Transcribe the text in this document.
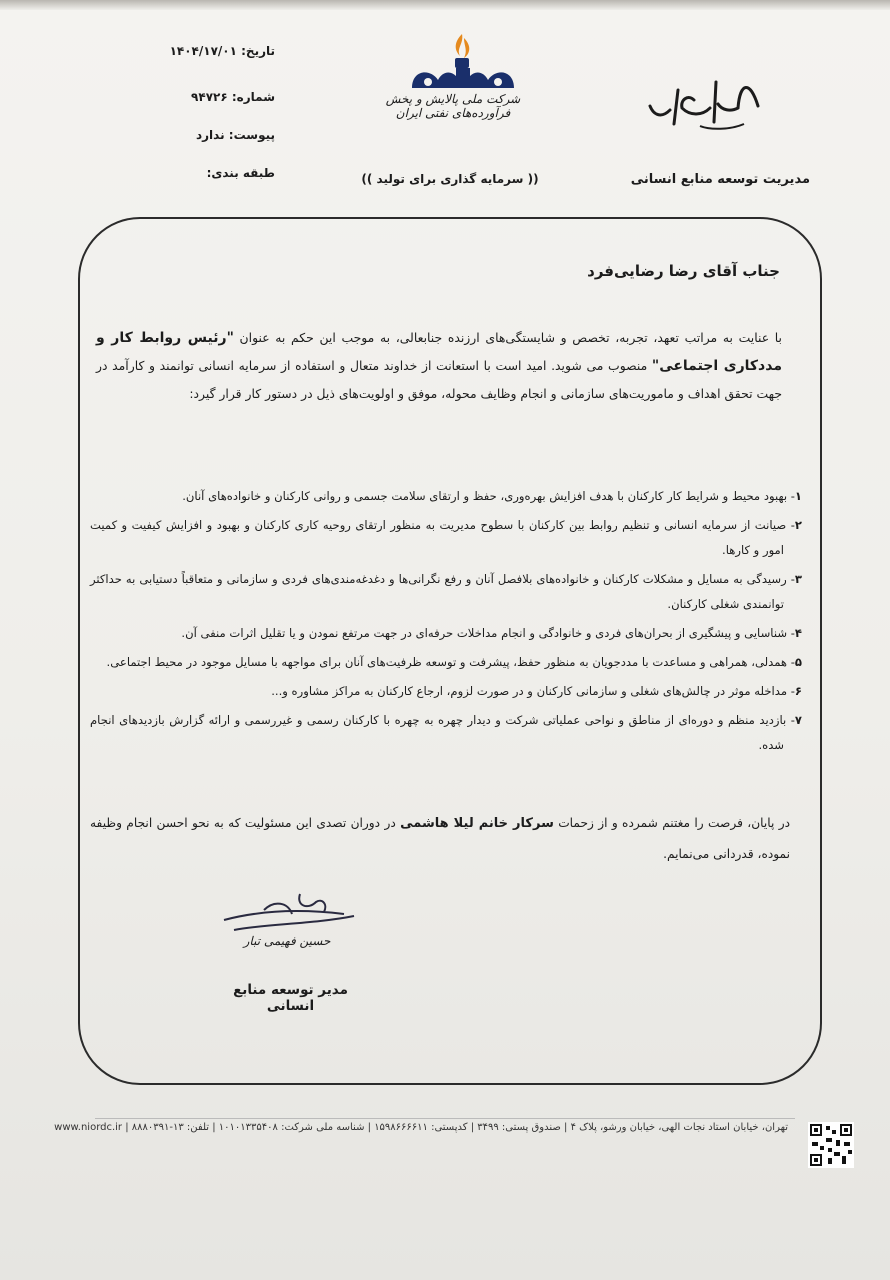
شرکت ملی پالایش و پخش فرآورده‌های نفتی ایران
(( سرمایه گذاری برای تولید ))	مدیریت توسعه منابع انسانی
تاریخ: ۱۴۰۴/۱۷/۰۱
شماره: ۹۴۷۲۶
پیوست: ندارد
طبقه بندی:
جناب آقای رضا رضایی‌فرد
با عنایت به مراتب تعهد، تجربه، تخصص و شایستگی‌های ارزنده جنابعالی، به موجب این حکم به عنوان "رئیس روابط کار و مددکاری اجتماعی" منصوب می شوید. امید است با استعانت از خداوند متعال و استفاده از سرمایه انسانی توانمند و کارآمد در جهت تحقق اهداف و ماموریت‌های سازمانی و انجام وظایف محوله، موفق و اولویت‌های ذیل در دستور کار قرار گیرد:
۱- بهبود محیط و شرایط کار کارکنان با هدف افزایش بهره‌وری، حفظ و ارتقای سلامت جسمی و روانی کارکنان و خانواده‌های آنان.
۲- صیانت از سرمایه انسانی و تنظیم روابط بین کارکنان با سطوح مدیریت به منظور ارتقای روحیه کاری کارکنان و بهبود و افزایش کیفیت و کمیت امور و کارها.
۳- رسیدگی به مسایل و مشکلات کارکنان و خانواده‌های بلافصل آنان و رفع نگرانی‌ها و دغدغه‌مندی‌های فردی و سازمانی و متعاقباً دستیابی به حداکثر توانمندی شغلی کارکنان.
۴- شناسایی و پیشگیری از بحران‌های فردی و خانوادگی و انجام مداخلات حرفه‌ای در جهت مرتفع نمودن و یا تقلیل اثرات منفی آن.
۵- همدلی، همراهی و مساعدت با مددجویان به منظور حفظ، پیشرفت و توسعه ظرفیت‌های آنان برای مواجهه با مسایل موجود در محیط اجتماعی.
۶- مداخله موثر در چالش‌های شغلی و سازمانی کارکنان و در صورت لزوم، ارجاع کارکنان به مراکز مشاوره و...
۷- بازدید منظم و دوره‌ای از مناطق و نواحی عملیاتی شرکت و دیدار چهره به چهره با کارکنان رسمی و غیررسمی و ارائه گزارش بازدیدهای انجام شده.
در پایان، فرصت را مغتنم شمرده و از زحمات سرکار خانم لیلا هاشمی در دوران تصدی این مسئولیت که به نحو احسن انجام وظیفه نموده، قدردانی می‌نمایم.
حسین فهیمی تبار
مدیر توسعه منابع انسانی
تهران، خیابان استاد نجات الهی، خیابان ورشو، پلاک ۴ | صندوق پستی: ۳۴۹۹ | کدپستی: ۱۵۹۸۶۶۶۶۱۱ | شناسه ملی شرکت: ۱۰۱۰۱۳۳۵۴۰۸ | تلفن: ۱۳-۸۸۸۰۳۹۱ | www.niordc.ir
